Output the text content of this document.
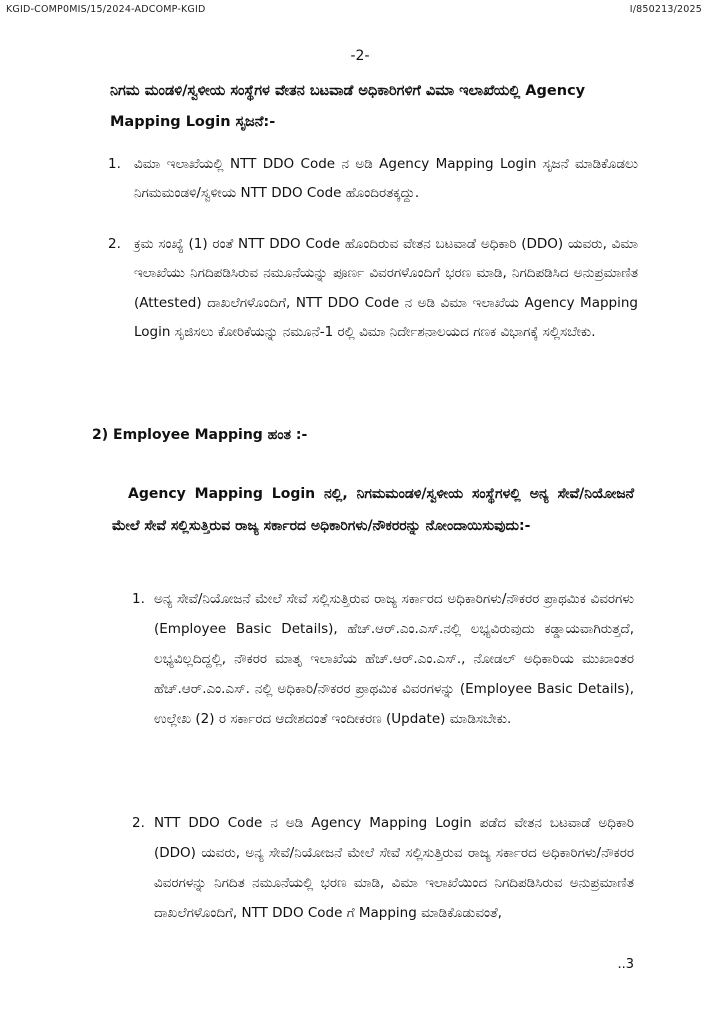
KGID-COMP0MIS/15/2024-ADCOMP-KGID	I/850213/2025
-2-
ನಿಗಮ ಮಂಡಳಿ/ಸ್ವಳೀಯ ಸಂಸ್ಥೆಗಳ ವೇತನ ಬಟವಾಡೆ ಅಧಿಕಾರಿಗಳಿಗೆ ವಿಮಾ ಇಲಾಖೆಯಲ್ಲಿ Agency Mapping Login ಸೃಜನೆ:-
1. ವಿಮಾ ಇಲಾಖೆಯಲ್ಲಿ NTT DDO Code ನ ಅಡಿ Agency Mapping Login ಸೃಜನೆ ಮಾಡಿಕೊಡಲು ನಿಗಮಮಂಡಳಿ/ಸ್ವಳೀಯ NTT DDO Code ಹೊಂದಿರತಕ್ಕದ್ದು.
2. ಕ್ರಮ ಸಂಖ್ಯೆ (1) ರಂತೆ NTT DDO Code ಹೊಂದಿರುವ ವೇತನ ಬಟವಾಡೆ ಅಧಿಕಾರಿ (DDO) ಯವರು, ವಿಮಾ ಇಲಾಖೆಯು ನಿಗದಿಪಡಿಸಿರುವ ನಮೂನೆಯನ್ನು ಪೂರ್ಣ ವಿವರಗಳೊಂದಿಗೆ ಭರಣ ಮಾಡಿ, ನಿಗದಿಪಡಿಸಿದ ಅನುಪ್ರಮಾಣಿತ (Attested) ದಾಖಲೆಗಳೊಂದಿಗೆ, NTT DDO Code ನ ಅಡಿ ವಿಮಾ ಇಲಾಖೆಯ Agency Mapping Login ಸೃಜಿಸಲು ಕೋರಿಕೆಯನ್ನು ನಮೂನೆ-1 ರಲ್ಲಿ ವಿಮಾ ನಿರ್ದೇಶನಾಲಯದ ಗಣಕ ವಿಭಾಗಕ್ಕೆ ಸಲ್ಲಿಸಬೇಕು.
2) Employee Mapping ಹಂತ :-
Agency Mapping Login ನಲ್ಲಿ, ನಿಗಮಮಂಡಳಿ/ಸ್ವಳೀಯ ಸಂಸ್ಥೆಗಳಲ್ಲಿ ಅನ್ಯ ಸೇವೆ/ನಿಯೋಜನೆ ಮೇಲೆ ಸೇವೆ ಸಲ್ಲಿಸುತ್ತಿರುವ ರಾಜ್ಯ ಸರ್ಕಾರದ ಅಧಿಕಾರಿಗಳು/ನೌಕರರನ್ನು ನೋಂದಾಯಿಸುವುದು:-
1. ಅನ್ಯ ಸೇವೆ/ನಿಯೋಜನೆ ಮೇಲೆ ಸೇವೆ ಸಲ್ಲಿಸುತ್ತಿರುವ ರಾಜ್ಯ ಸರ್ಕಾರದ ಅಧಿಕಾರಿಗಳು/ನೌಕರರ ಪ್ರಾಥಮಿಕ ವಿವರಗಳು (Employee Basic Details), ಹೆಚ್.ಆರ್.ಎಂ.ಎಸ್.ನಲ್ಲಿ ಲಭ್ಯವಿರುವುದು ಕಡ್ಡಾಯವಾಗಿರುತ್ತದೆ, ಲಭ್ಯವಿಲ್ಲದಿದ್ದಲ್ಲಿ, ನೌಕರರ ಮಾತೃ ಇಲಾಖೆಯ ಹೆಚ್.ಆರ್.ಎಂ.ಎಸ್., ನೋಡಲ್ ಅಧಿಕಾರಿಯ ಮುಖಾಂತರ ಹೆಚ್.ಆರ್.ಎಂ.ಎಸ್. ನಲ್ಲಿ ಅಧಿಕಾರಿ/ನೌಕರರ ಪ್ರಾಥಮಿಕ ವಿವರಗಳನ್ನು (Employee Basic Details), ಉಲ್ಲೇಖ (2) ರ ಸರ್ಕಾರದ ಆದೇಶದಂತೆ ಇಂದೀಕರಣ (Update) ಮಾಡಿಸಬೇಕು.
2. NTT DDO Code ನ ಅಡಿ Agency Mapping Login ಪಡೆದ ವೇತನ ಬಟವಾಡೆ ಅಧಿಕಾರಿ (DDO) ಯವರು, ಅನ್ಯ ಸೇವೆ/ನಿಯೋಜನೆ ಮೇಲೆ ಸೇವೆ ಸಲ್ಲಿಸುತ್ತಿರುವ ರಾಜ್ಯ ಸರ್ಕಾರದ ಅಧಿಕಾರಿಗಳು/ನೌಕರರ ವಿವರಗಳನ್ನು ನಿಗದಿತ ನಮೂನೆಯಲ್ಲಿ ಭರಣ ಮಾಡಿ, ವಿಮಾ ಇಲಾಖೆಯಿಂದ ನಿಗದಿಪಡಿಸಿರುವ ಅನುಪ್ರಮಾಣಿತ ದಾಖಲೆಗಳೊಂದಿಗೆ, NTT DDO Code ಗೆ Mapping ಮಾಡಿಕೊಡುವಂತೆ,
..3
